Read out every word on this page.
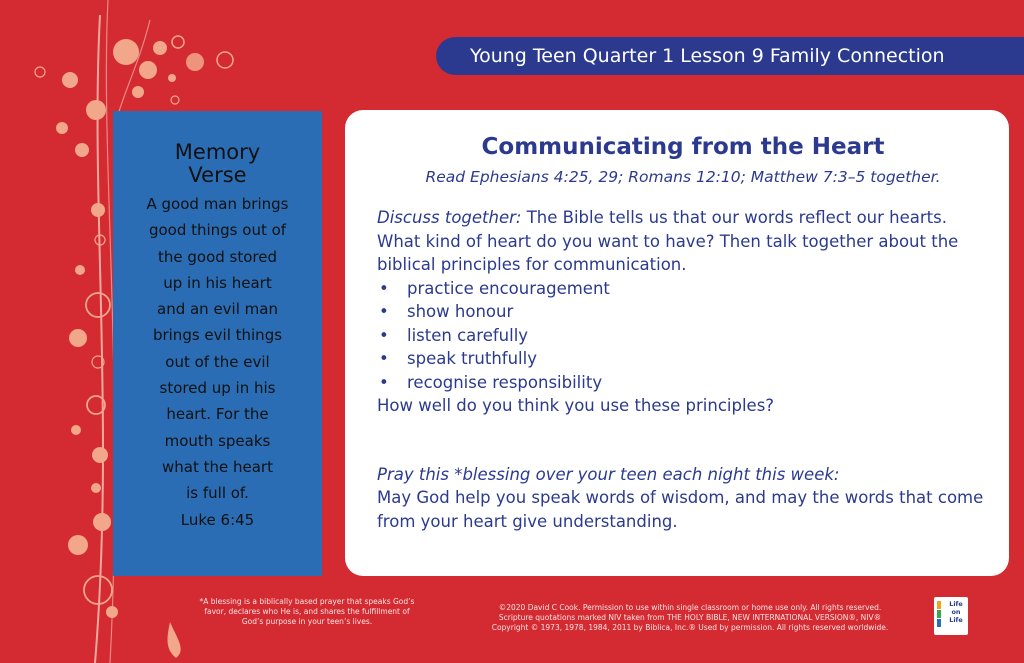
Young Teen Quarter 1 Lesson 9 Family Connection
Memory
Verse
A good man brings
good things out of
the good stored
up in his heart
and an evil man
brings evil things
out of the evil
stored up in his
heart. For the
mouth speaks
what the heart
is full of.
Luke 6:45
Communicating from the Heart
Read Ephesians 4:25, 29; Romans 12:10; Matthew 7:3–5 together.
Discuss together: The Bible tells us that our words reflect our hearts. What kind of heart do you want to have? Then talk together about the biblical principles for communication.
• practice encouragement
• show honour
• listen carefully
• speak truthfully
• recognise responsibility
How well do you think you use these principles?
Pray this *blessing over your teen each night this week:
May God help you speak words of wisdom, and may the words that come from your heart give understanding.
*A blessing is a biblically based prayer that speaks God’s favor, declares who He is, and shares the fulfillment of God’s purpose in your teen’s lives.
©2020 David C Cook. Permission to use within single classroom or home use only. All rights reserved.
Scripture quotations marked NIV taken from THE HOLY BIBLE, NEW INTERNATIONAL VERSION®, NIV®
Copyright © 1973, 1978, 1984, 2011 by Biblica, Inc.® Used by permission. All rights reserved worldwide.
Life
on
Life
